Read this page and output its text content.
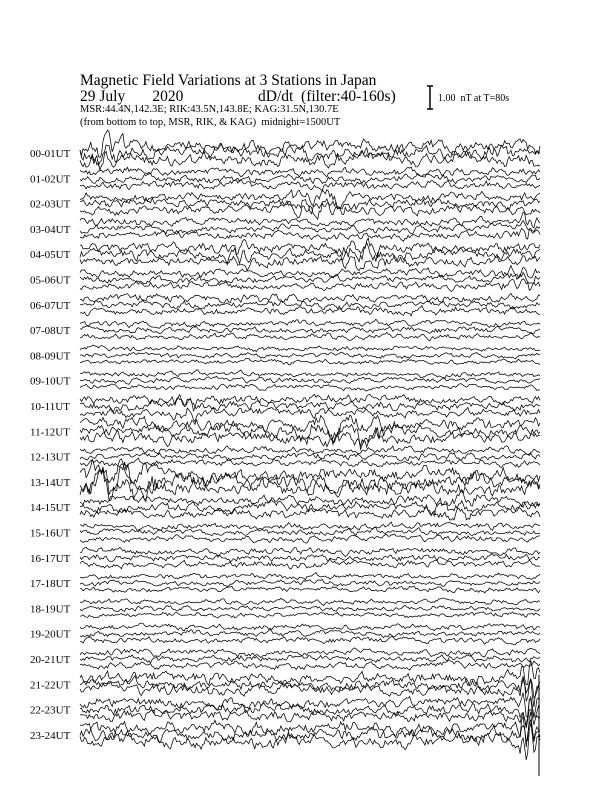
Magnetic Field Variations at 3 Stations in Japan
29 July       2020	dD/dt  (filter:40-160s)
MSR:44.4N,142.3E; RIK:43.5N,143.8E; KAG:31.5N,130.7E
(from bottom to top, MSR, RIK, & KAG)  midnight=1500UT
1.00  nT at T=80s
00-01UT
01-02UT
02-03UT
03-04UT
04-05UT
05-06UT
06-07UT
07-08UT
08-09UT
09-10UT
10-11UT
11-12UT
12-13UT
13-14UT
14-15UT
15-16UT
16-17UT
17-18UT
18-19UT
19-20UT
20-21UT
21-22UT
22-23UT
23-24UT
